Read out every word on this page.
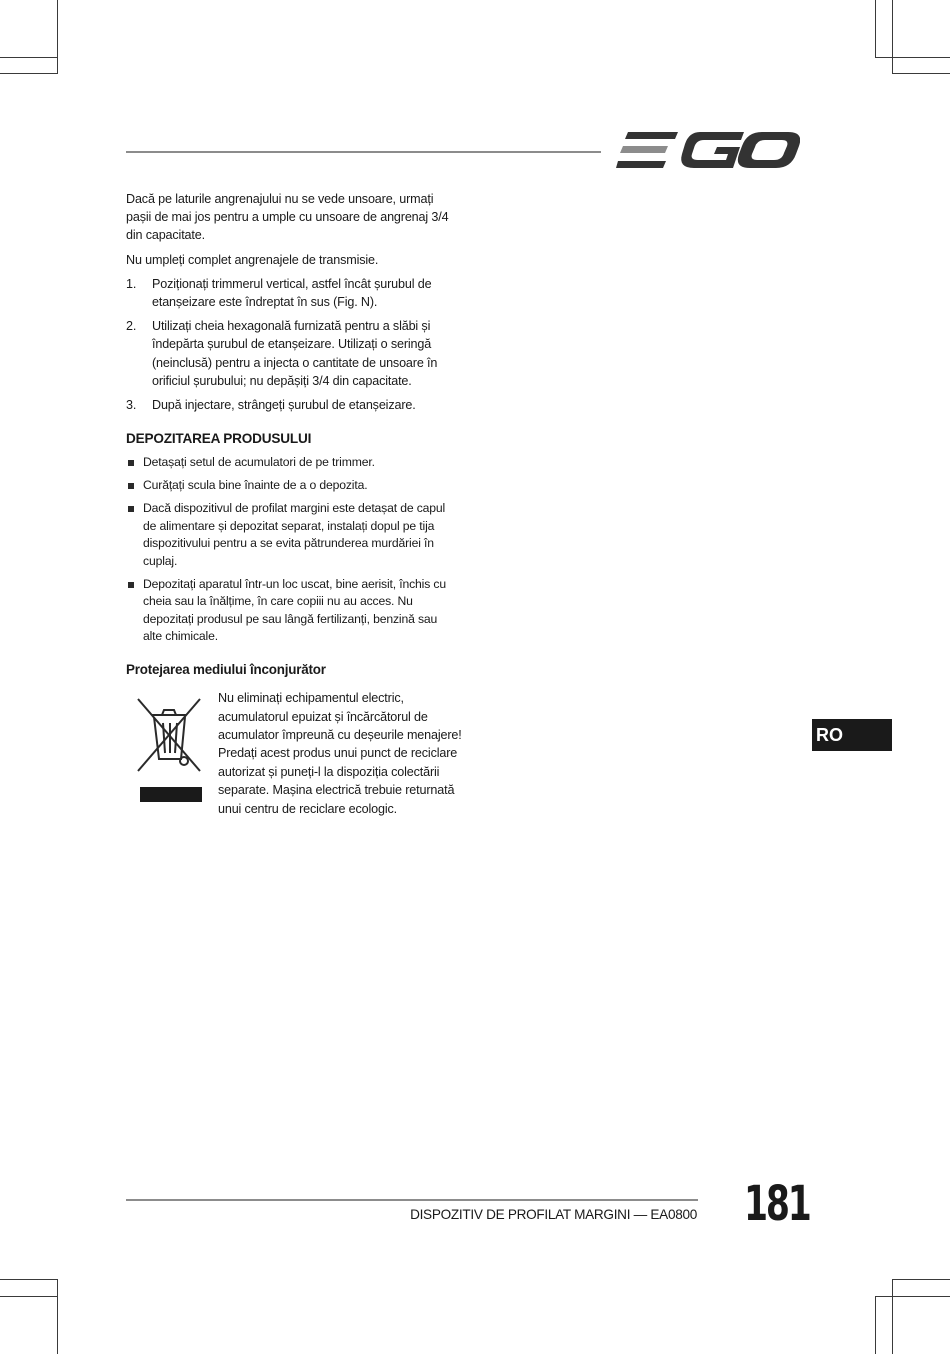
Dacă pe laturile angrenajului nu se vede unsoare, urmați pașii de mai jos pentru a umple cu unsoare de angrenaj 3/4 din capacitate.

Nu umpleți complet angrenajele de transmisie.

1. Poziționați trimmerul vertical, astfel încât șurubul de etanșeizare este îndreptat în sus (Fig. N).
2. Utilizați cheia hexagonală furnizată pentru a slăbi și îndepărta șurubul de etanșeizare. Utilizați o seringă (neinclusă) pentru a injecta o cantitate de unsoare în orificiul șurubului; nu depășiți 3/4 din capacitate.
3. După injectare, strângeți șurubul de etanșeizare.
DEPOZITAREA PRODUSULUI
Detașați setul de acumulatori de pe trimmer.
Curățați scula bine înainte de a o depozita.
Dacă dispozitivul de profilat margini este detașat de capul de alimentare și depozitat separat, instalați dopul pe tija dispozitivului pentru a se evita pătrunderea murdăriei în cuplaj.
Depozitați aparatul într-un loc uscat, bine aerisit, închis cu cheia sau la înălțime, în care copiii nu au acces. Nu depozitați produsul pe sau lângă fertilizanți, benzină sau alte chimicale.
Protejarea mediului înconjurător
Nu eliminați echipamentul electric, acumulatorul epuizat și încărcătorul de acumulator împreună cu deșeurile menajere! Predați acest produs unui punct de reciclare autorizat și puneți-l la dispoziția colectării separate. Mașina electrică trebuie returnată unui centru de reciclare ecologic.
RO
DISPOZITIV DE PROFILAT MARGINI — EA0800 181
